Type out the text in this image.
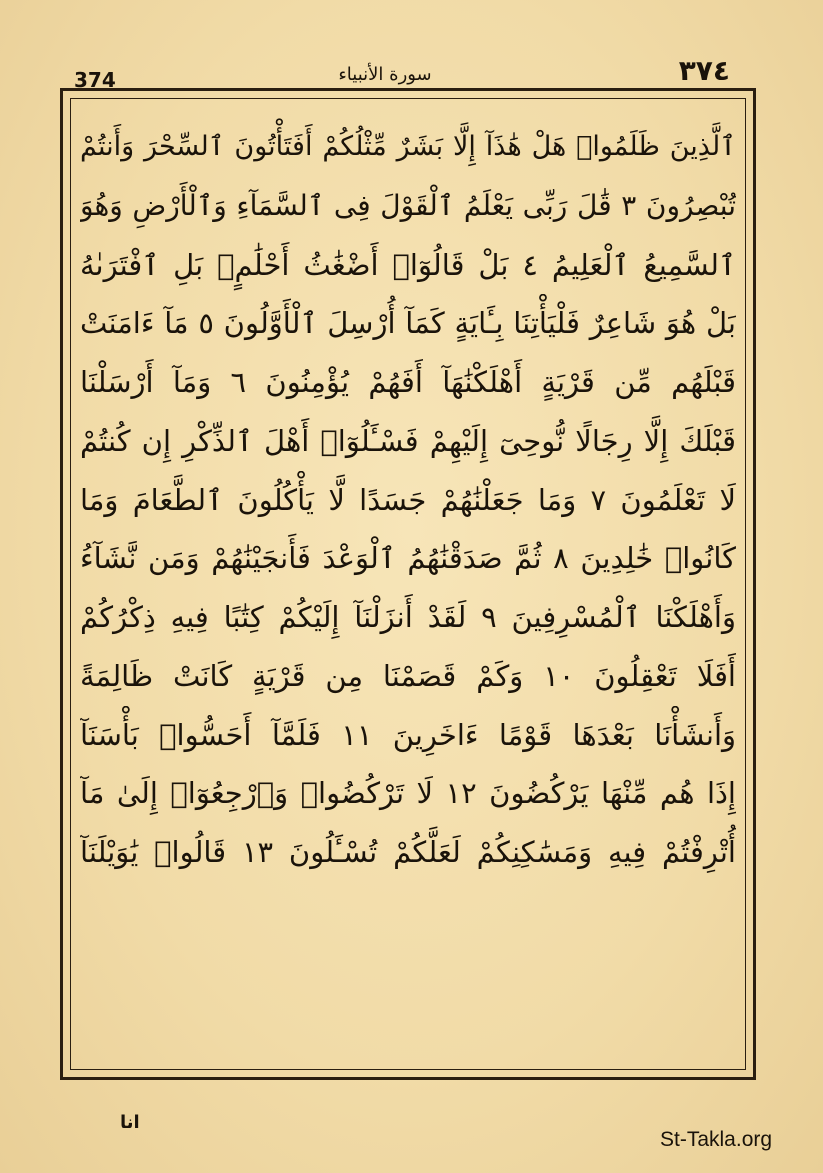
374	سورة الأنبياء	٣٧٤
ٱلَّذِينَ ظَلَمُوا۟ هَلْ هَٰذَآ إِلَّا بَشَرٌ مِّثْلُكُمْ أَفَتَأْتُونَ ٱلسِّحْرَ وَأَنتُمْ
تُبْصِرُونَ ٣ قَٰلَ رَبِّى يَعْلَمُ ٱلْقَوْلَ فِى ٱلسَّمَآءِ وَٱلْأَرْضِ وَهُوَ
ٱلسَّمِيعُ ٱلْعَلِيمُ ٤ بَلْ قَالُوٓا۟ أَضْغَٰثُ أَحْلَٰمٍۭ بَلِ ٱفْتَرَىٰهُ
بَلْ هُوَ شَاعِرٌ فَلْيَأْتِنَا بِـَٔايَةٍ كَمَآ أُرْسِلَ ٱلْأَوَّلُونَ ٥ مَآ ءَامَنَتْ
قَبْلَهُم مِّن قَرْيَةٍ أَهْلَكْنَٰهَآ أَفَهُمْ يُؤْمِنُونَ ٦ وَمَآ أَرْسَلْنَا
قَبْلَكَ إِلَّا رِجَالًا نُّوحِىٓ إِلَيْهِمْ فَسْـَٔلُوٓا۟ أَهْلَ ٱلذِّكْرِ إِن كُنتُمْ
لَا تَعْلَمُونَ ٧ وَمَا جَعَلْنَٰهُمْ جَسَدًا لَّا يَأْكُلُونَ ٱلطَّعَامَ وَمَا
كَانُوا۟ خَٰلِدِينَ ٨ ثُمَّ صَدَقْنَٰهُمُ ٱلْوَعْدَ فَأَنجَيْنَٰهُمْ وَمَن نَّشَآءُ
وَأَهْلَكْنَا ٱلْمُسْرِفِينَ ٩ لَقَدْ أَنزَلْنَآ إِلَيْكُمْ كِتَٰبًا فِيهِ ذِكْرُكُمْ
أَفَلَا تَعْقِلُونَ ١٠ وَكَمْ قَصَمْنَا مِن قَرْيَةٍ كَانَتْ ظَالِمَةً
وَأَنشَأْنَا بَعْدَهَا قَوْمًا ءَاخَرِينَ ١١ فَلَمَّآ أَحَسُّوا۟ بَأْسَنَآ
إِذَا هُم مِّنْهَا يَرْكُضُونَ ١٢ لَا تَرْكُضُوا۟ وَٱرْجِعُوٓا۟ إِلَىٰ مَآ
أُتْرِفْتُمْ فِيهِ وَمَسَٰكِنِكُمْ لَعَلَّكُمْ تُسْـَٔلُونَ ١٣ قَالُوا۟ يَٰوَيْلَنَآ
انا
St-Takla.org
